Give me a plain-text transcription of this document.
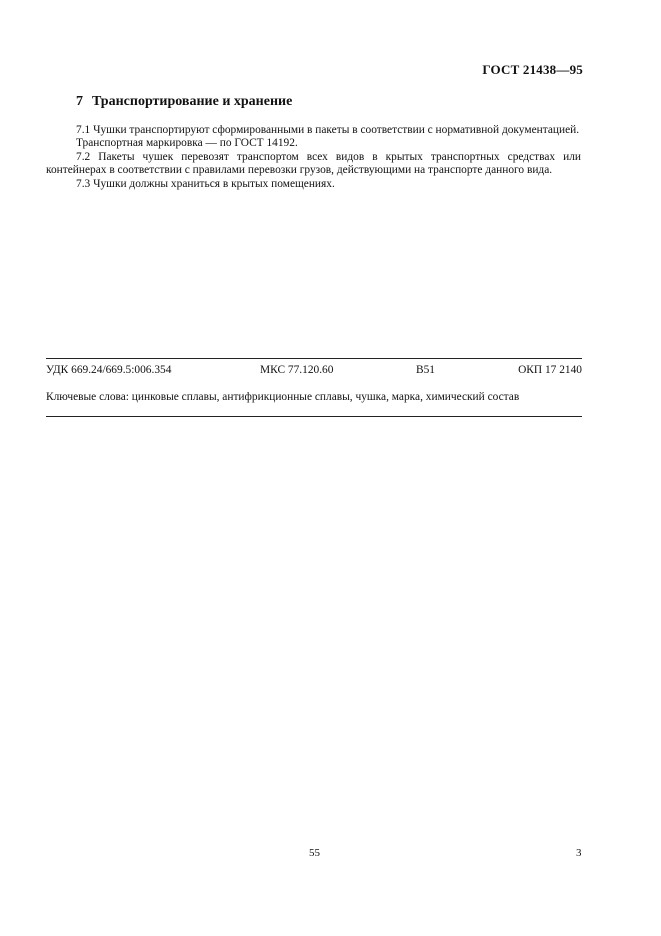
ГОСТ 21438—95
7 Транспортирование и хранение

7.1 Чушки транспортируют сформированными в пакеты в соответствии с нормативной документацией.

Транспортная маркировка — по ГОСТ 14192.

7.2 Пакеты чушек перевозят транспортом всех видов в крытых транспортных средствах или контейнерах в соответствии с правилами перевозки грузов, действующими на транспорте данного вида.

7.3 Чушки должны храниться в крытых помещениях.

УДК 669.24/669.5:006.354	МКС 77.120.60	В51	ОКП 17 2140
Ключевые слова: цинковые сплавы, антифрикционные сплавы, чушка, марка, химический состав
55	3
